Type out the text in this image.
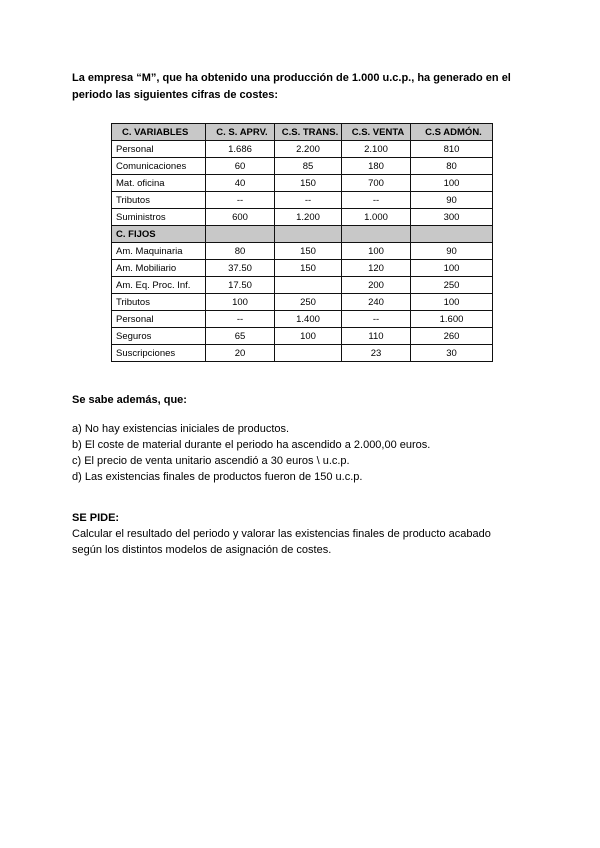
La empresa “M”, que ha obtenido una producción de 1.000 u.c.p., ha generado en el periodo las siguientes cifras de costes:

C. VARIABLES	C. S. APRV.	C.S. TRANS.	C.S. VENTA	C.S ADMÓN.
Personal	1.686	2.200	2.100	810
Comunicaciones	60	85	180	80
Mat. oficina	40	150	700	100
Tributos	--	--	--	90
Suministros	600	1.200	1.000	300
C. FIJOS				
Am. Maquinaria	80	150	100	90
Am. Mobiliario	37.50	150	120	100
Am. Eq. Proc. Inf.	17.50		200	250
Tributos	100	250	240	100
Personal	--	1.400	--	1.600
Seguros	65	100	110	260
Suscripciones	20		23	30

Se sabe además, que:

a) No hay existencias iniciales de productos.
b) El coste de material durante el periodo ha ascendido a 2.000,00 euros.
c) El precio de venta unitario ascendió a 30 euros \ u.c.p.
d) Las existencias finales de productos fueron de 150 u.c.p.

SE PIDE:

Calcular el resultado del periodo y valorar las existencias finales de producto acabado según los distintos modelos de asignación de costes.
